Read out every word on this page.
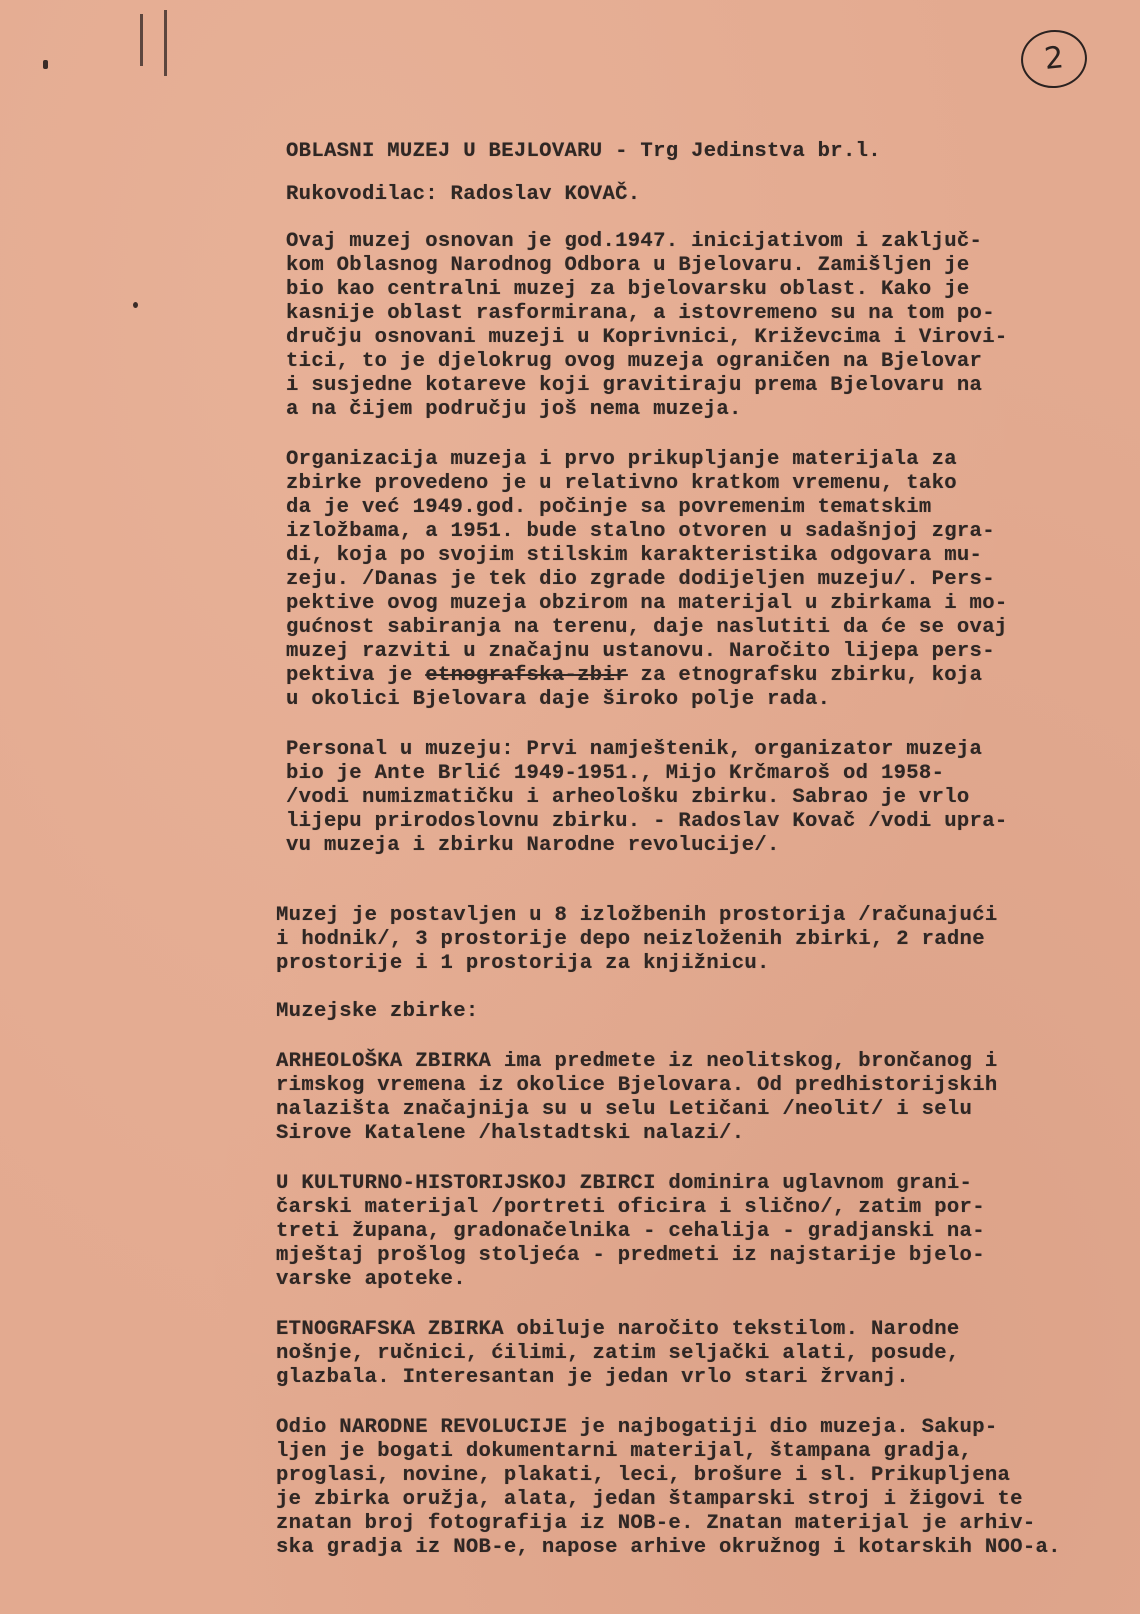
2
OBLASNI MUZEJ U BEJLOVARU - Trg Jedinstva br.l.
Rukovodilac: Radoslav KOVAČ.
Ovaj muzej osnovan je god.1947. inicijativom i zaključ-
kom Oblasnog Narodnog Odbora u Bjelovaru. Zamišljen je
bio kao centralni muzej za bjelovarsku oblast. Kako je
kasnije oblast rasformirana, a istovremeno su na tom po-
dručju osnovani muzeji u Koprivnici, Križevcima i Virovi-
tici, to je djelokrug ovog muzeja ograničen na Bjelovar
i susjedne kotareve koji gravitiraju prema Bjelovaru na
a na čijem području još nema muzeja.
Organizacija muzeja i prvo prikupljanje materijala za
zbirke provedeno je u relativno kratkom vremenu, tako
da je već 1949.god. počinje sa povremenim tematskim
izložbama, a 1951. bude stalno otvoren u sadašnjoj zgra-
di, koja po svojim stilskim karakteristika odgovara mu-
zeju. /Danas je tek dio zgrade dodijeljen muzeju/. Pers-
pektive ovog muzeja obzirom na materijal u zbirkama i mo-
gućnost sabiranja na terenu, daje naslutiti da će se ovaj
muzej razviti u značajnu ustanovu. Naročito lijepa pers-
pektiva je etnografska-zbir za etnografsku zbirku, koja
u okolici Bjelovara daje široko polje rada.
Personal u muzeju: Prvi namještenik, organizator muzeja
bio je Ante Brlić 1949-1951., Mijo Krčmaroš od 1958-
/vodi numizmatičku i arheološku zbirku. Sabrao je vrlo
lijepu prirodoslovnu zbirku. - Radoslav Kovač /vodi upra-
vu muzeja i zbirku Narodne revolucije/.
Muzej je postavljen u 8 izložbenih prostorija /računajući
i hodnik/, 3 prostorije depo neizloženih zbirki, 2 radne
prostorije i 1 prostorija za knjižnicu.
Muzejske zbirke:
ARHEOLOŠKA ZBIRKA ima predmete iz neolitskog, brončanog i
rimskog vremena iz okolice Bjelovara. Od predhistorijskih
nalazišta značajnija su u selu Letičani /neolit/ i selu
Sirove Katalene /halstadtski nalazi/.
U KULTURNO-HISTORIJSKOJ ZBIRCI dominira uglavnom grani-
čarski materijal /portreti oficira i slično/, zatim por-
treti župana, gradonačelnika - cehalija - gradjanski na-
mještaj prošlog stoljeća - predmeti iz najstarije bjelo-
varske apoteke.
ETNOGRAFSKA ZBIRKA obiluje naročito tekstilom. Narodne
nošnje, ručnici, ćilimi, zatim seljački alati, posude,
glazbala. Interesantan je jedan vrlo stari žrvanj.
Odio NARODNE REVOLUCIJE je najbogatiji dio muzeja. Sakup-
ljen je bogati dokumentarni materijal, štampana gradja,
proglasi, novine, plakati, leci, brošure i sl. Prikupljena
je zbirka oružja, alata, jedan štamparski stroj i žigovi te
znatan broj fotografija iz NOB-e. Znatan materijal je arhiv-
ska gradja iz NOB-e, napose arhive okružnog i kotarskih NOO-a.
